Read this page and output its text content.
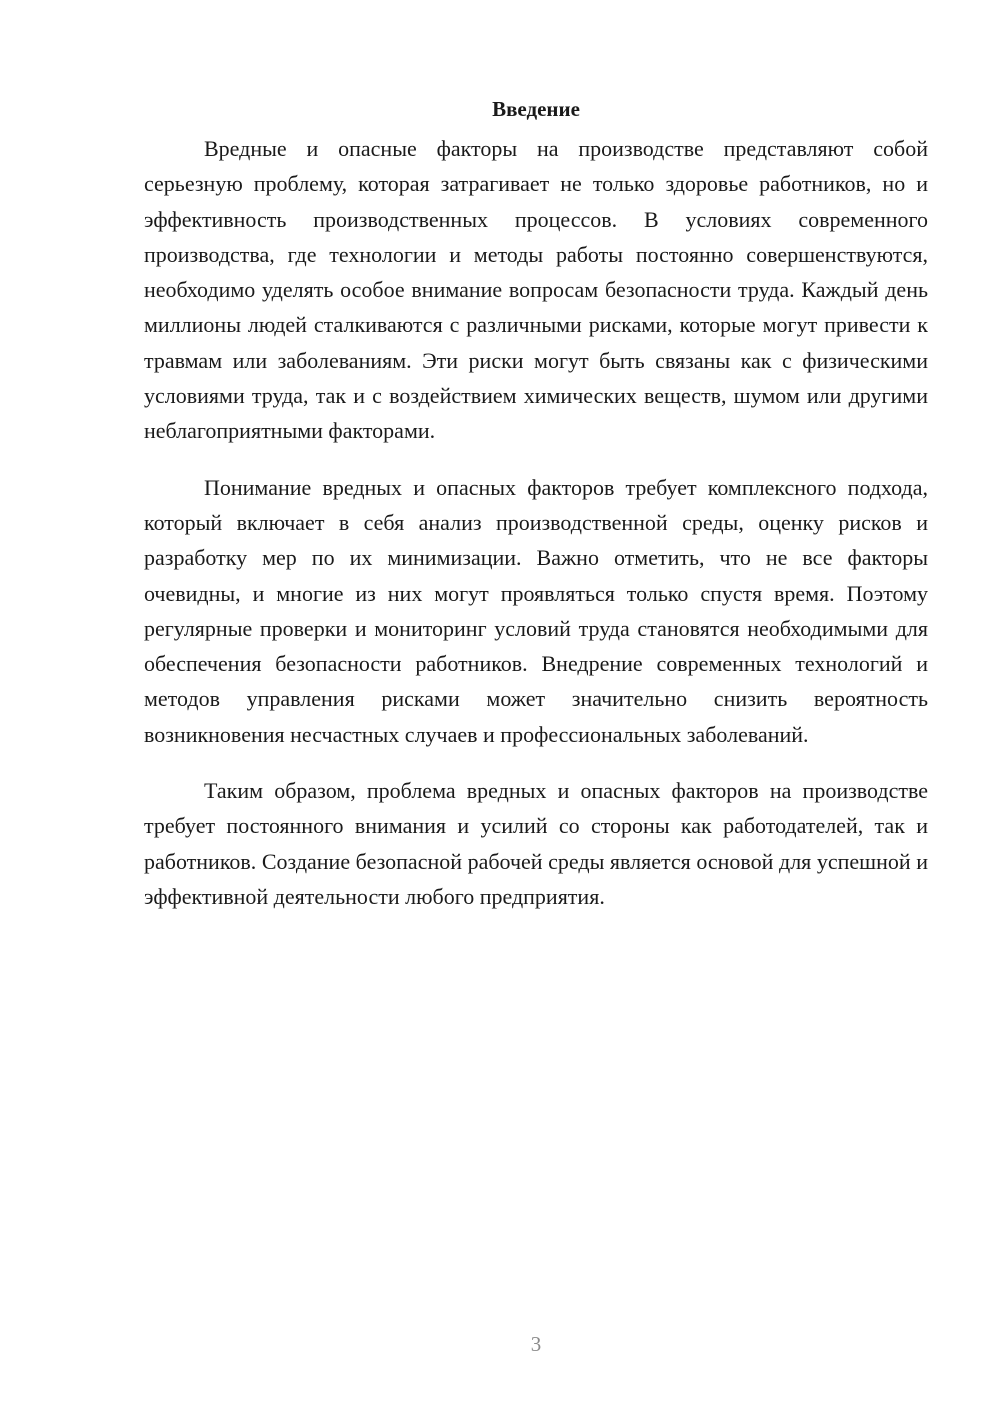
Введение

Вредные и опасные факторы на производстве представляют собой серьезную проблему, которая затрагивает не только здоровье работников, но и эффективность производственных процессов. В условиях современного производства, где технологии и методы работы постоянно совершенствуются, необходимо уделять особое внимание вопросам безопасности труда. Каждый день миллионы людей сталкиваются с различными рисками, которые могут привести к травмам или заболеваниям. Эти риски могут быть связаны как с физическими условиями труда, так и с воздействием химических веществ, шумом или другими неблагоприятными факторами.

Понимание вредных и опасных факторов требует комплексного подхода, который включает в себя анализ производственной среды, оценку рисков и разработку мер по их минимизации. Важно отметить, что не все факторы очевидны, и многие из них могут проявляться только спустя время. Поэтому регулярные проверки и мониторинг условий труда становятся необходимыми для обеспечения безопасности работников. Внедрение современных технологий и методов управления рисками может значительно снизить вероятность возникновения несчастных случаев и профессиональных заболеваний.

Таким образом, проблема вредных и опасных факторов на производстве требует постоянного внимания и усилий со стороны как работодателей, так и работников. Создание безопасной рабочей среды является основой для успешной и эффективной деятельности любого предприятия.

3
